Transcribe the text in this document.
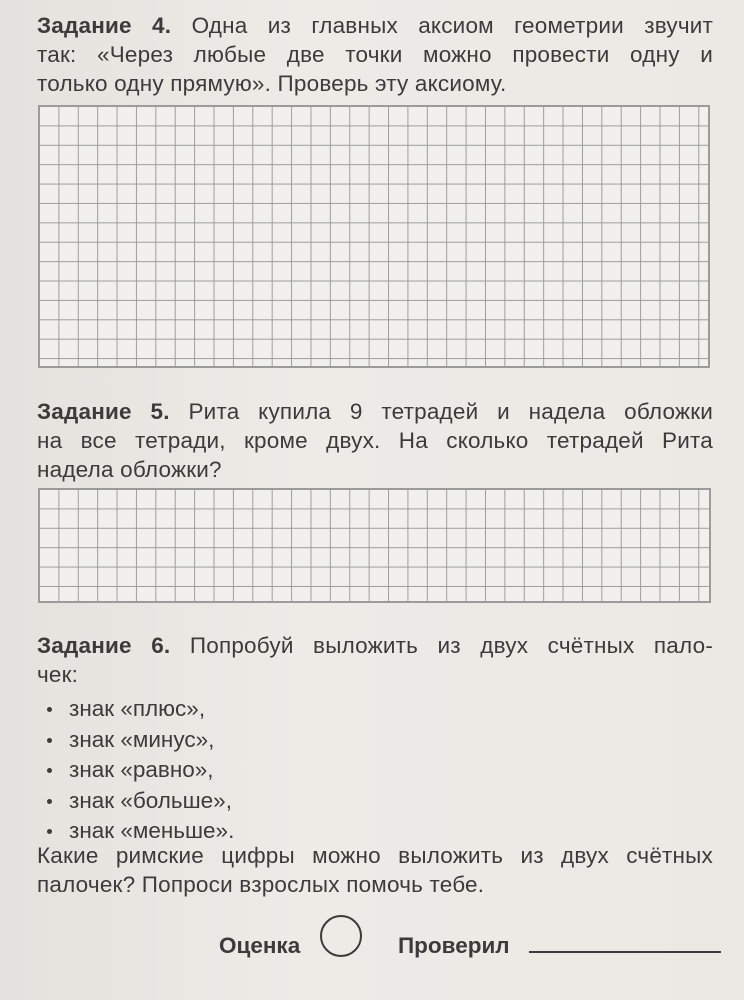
Задание 4. Одна из главных аксиом геометрии звучит
так: «Через любые две точки можно провести одну и
только одну прямую». Проверь эту аксиому.
Задание 5. Рита купила 9 тетрадей и надела обложки
на все тетради, кроме двух. На сколько тетрадей Рита
надела обложки?
Задание 6. Попробуй выложить из двух счётных пало-
чек:
знак «плюс»,
знак «минус»,
знак «равно»,
знак «больше»,
знак «меньше».
Какие римские цифры можно выложить из двух счётных
палочек? Попроси взрослых помочь тебе.
Оценка	Проверил
